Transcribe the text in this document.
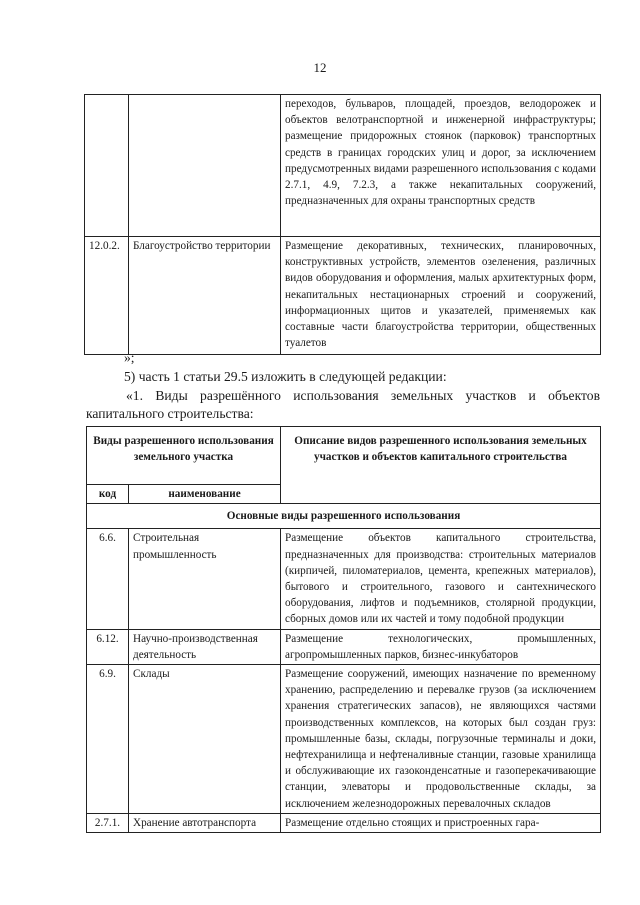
12
		переходов, бульваров, площадей, проездов, велодорожек и объектов велотранспортной и инженерной инфраструктуры; размещение придорожных стоянок (парковок) транспортных средств в границах городских улиц и дорог, за исключением предусмотренных видами разрешенного использования с кодами 2.7.1, 4.9, 7.2.3, а также некапитальных сооружений, предназначенных для охраны транспортных средств
12.0.2.	Благоустройство территории	Размещение декоративных, технических, планировочных, конструктивных устройств, элементов озеленения, различных видов оборудования и оформления, малых архитектурных форм, некапитальных нестационарных строений и сооружений, информационных щитов и указателей, применяемых как составные части благоустройства территории, общественных туалетов
»;
5) часть 1 статьи 29.5 изложить в следующей редакции:
«1. Виды разрешённого использования земельных участков и объектов капитального строительства:
Виды разрешенного использования земельного участка		Описание видов разрешенного использования земельных участков и объектов капитального строительства
код	наименование	
Основные виды разрешенного использования		
6.6.	Строительная промышленность	Размещение объектов капитального строительства, предназначенных для производства: строительных материалов (кирпичей, пиломатериалов, цемента, крепежных материалов), бытового и строительного, газового и сантехнического оборудования, лифтов и подъемников, столярной продукции, сборных домов или их частей и тому подобной продукции
6.12.	Научно-производственная деятельность	Размещение технологических, промышленных, агропромышленных парков, бизнес-инкубаторов
6.9.	Склады	Размещение сооружений, имеющих назначение по временному хранению, распределению и перевалке грузов (за исключением хранения стратегических запасов), не являющихся частями производственных комплексов, на которых был создан груз: промышленные базы, склады, погрузочные терминалы и доки, нефтехранилища и нефтеналивные станции, газовые хранилища и обслуживающие их газоконденсатные и газоперекачивающие станции, элеваторы и продовольственные склады, за исключением железнодорожных перевалочных складов
2.7.1.	Хранение автотранспорта	Размещение отдельно стоящих и пристроенных гара-
